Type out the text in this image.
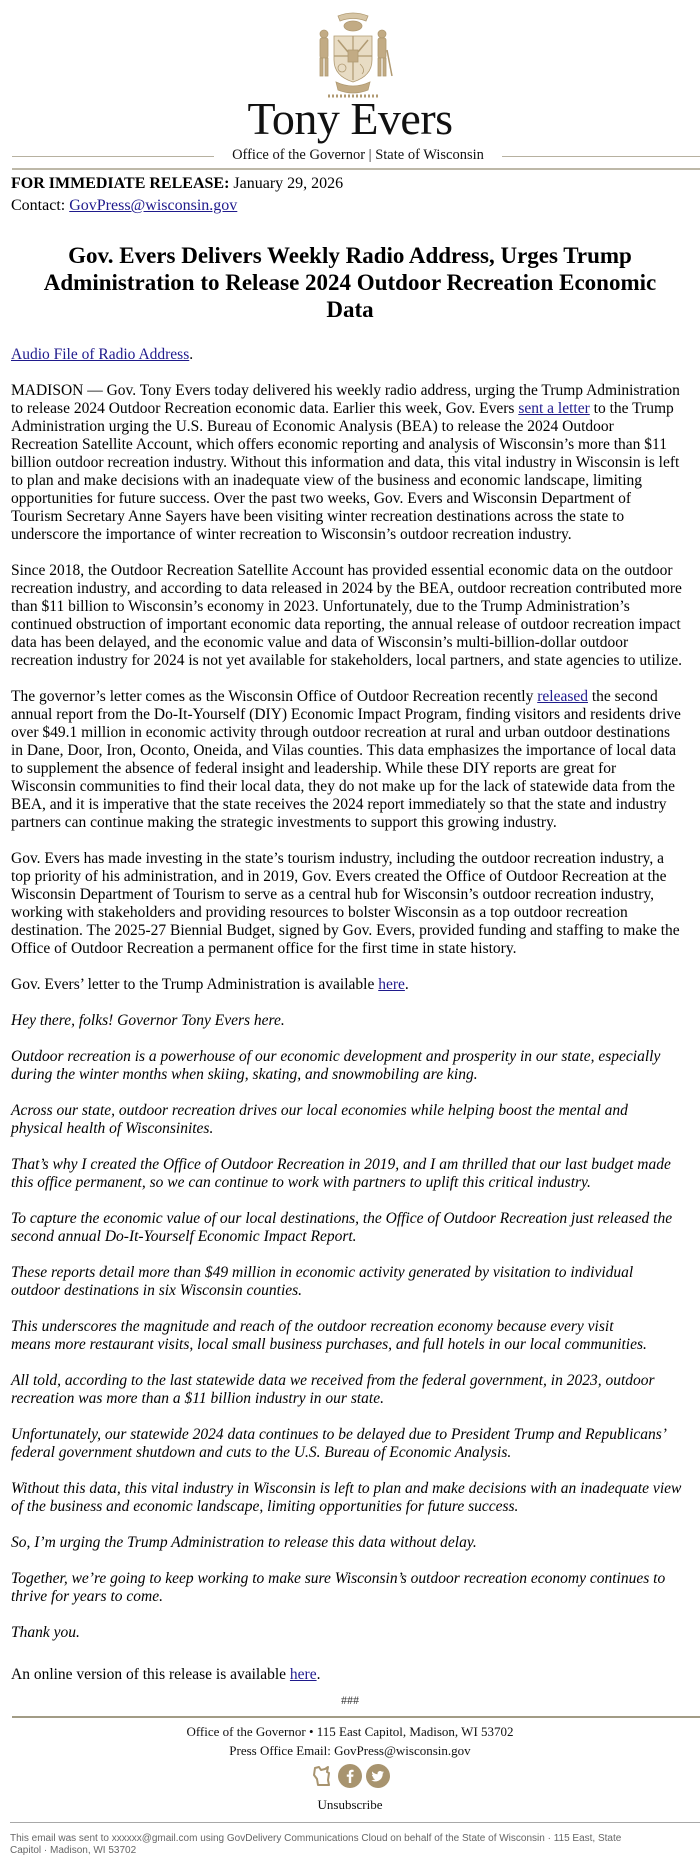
Tony Evers
Office of the Governor | State of Wisconsin
FOR IMMEDIATE RELEASE: January 29, 2026
Contact: GovPress@wisconsin.gov
Gov. Evers Delivers Weekly Radio Address, Urges Trump Administration to Release 2024 Outdoor Recreation Economic Data

Audio File of Radio Address.

MADISON — Gov. Tony Evers today delivered his weekly radio address, urging the Trump Administration
to release 2024 Outdoor Recreation economic data. Earlier this week, Gov. Evers sent a letter to the Trump
Administration urging the U.S. Bureau of Economic Analysis (BEA) to release the 2024 Outdoor
Recreation Satellite Account, which offers economic reporting and analysis of Wisconsin’s more than $11
billion outdoor recreation industry. Without this information and data, this vital industry in Wisconsin is left
to plan and make decisions with an inadequate view of the business and economic landscape, limiting
opportunities for future success. Over the past two weeks, Gov. Evers and Wisconsin Department of
Tourism Secretary Anne Sayers have been visiting winter recreation destinations across the state to
underscore the importance of winter recreation to Wisconsin’s outdoor recreation industry.

Since 2018, the Outdoor Recreation Satellite Account has provided essential economic data on the outdoor
recreation industry, and according to data released in 2024 by the BEA, outdoor recreation contributed more
than $11 billion to Wisconsin’s economy in 2023. Unfortunately, due to the Trump Administration’s
continued obstruction of important economic data reporting, the annual release of outdoor recreation impact
data has been delayed, and the economic value and data of Wisconsin’s multi-billion-dollar outdoor
recreation industry for 2024 is not yet available for stakeholders, local partners, and state agencies to utilize.

The governor’s letter comes as the Wisconsin Office of Outdoor Recreation recently released the second
annual report from the Do-It-Yourself (DIY) Economic Impact Program, finding visitors and residents drive
over $49.1 million in economic activity through outdoor recreation at rural and urban outdoor destinations
in Dane, Door, Iron, Oconto, Oneida, and Vilas counties. This data emphasizes the importance of local data
to supplement the absence of federal insight and leadership. While these DIY reports are great for
Wisconsin communities to find their local data, they do not make up for the lack of statewide data from the
BEA, and it is imperative that the state receives the 2024 report immediately so that the state and industry
partners can continue making the strategic investments to support this growing industry.

Gov. Evers has made investing in the state’s tourism industry, including the outdoor recreation industry, a
top priority of his administration, and in 2019, Gov. Evers created the Office of Outdoor Recreation at the
Wisconsin Department of Tourism to serve as a central hub for Wisconsin’s outdoor recreation industry,
working with stakeholders and providing resources to bolster Wisconsin as a top outdoor recreation
destination. The 2025-27 Biennial Budget, signed by Gov. Evers, provided funding and staffing to make the
Office of Outdoor Recreation a permanent office for the first time in state history.

Gov. Evers’ letter to the Trump Administration is available here.

Hey there, folks! Governor Tony Evers here.

Outdoor recreation is a powerhouse of our economic development and prosperity in our state, especially
during the winter months when skiing, skating, and snowmobiling are king.

Across our state, outdoor recreation drives our local economies while helping boost the mental and
physical health of Wisconsinites.

That’s why I created the Office of Outdoor Recreation in 2019, and I am thrilled that our last budget made
this office permanent, so we can continue to work with partners to uplift this critical industry.

To capture the economic value of our local destinations, the Office of Outdoor Recreation just released the
second annual Do-It-Yourself Economic Impact Report.

These reports detail more than $49 million in economic activity generated by visitation to individual
outdoor destinations in six Wisconsin counties.

This underscores the magnitude and reach of the outdoor recreation economy because every visit
means more restaurant visits, local small business purchases, and full hotels in our local communities.

All told, according to the last statewide data we received from the federal government, in 2023, outdoor
recreation was more than a $11 billion industry in our state.

Unfortunately, our statewide 2024 data continues to be delayed due to President Trump and Republicans’
federal government shutdown and cuts to the U.S. Bureau of Economic Analysis.

Without this data, this vital industry in Wisconsin is left to plan and make decisions with an inadequate view
of the business and economic landscape, limiting opportunities for future success.

So, I’m urging the Trump Administration to release this data without delay.

Together, we’re going to keep working to make sure Wisconsin’s outdoor recreation economy continues to
thrive for years to come.

Thank you.

An online version of this release is available here.

###
Office of the Governor • 115 East Capitol, Madison, WI 53702
Press Office Email: GovPress@wisconsin.gov
Unsubscribe
This email was sent to xxxxxx@gmail.com using GovDelivery Communications Cloud on behalf of the State of Wisconsin · 115 East, State
Capitol · Madison, WI 53702
